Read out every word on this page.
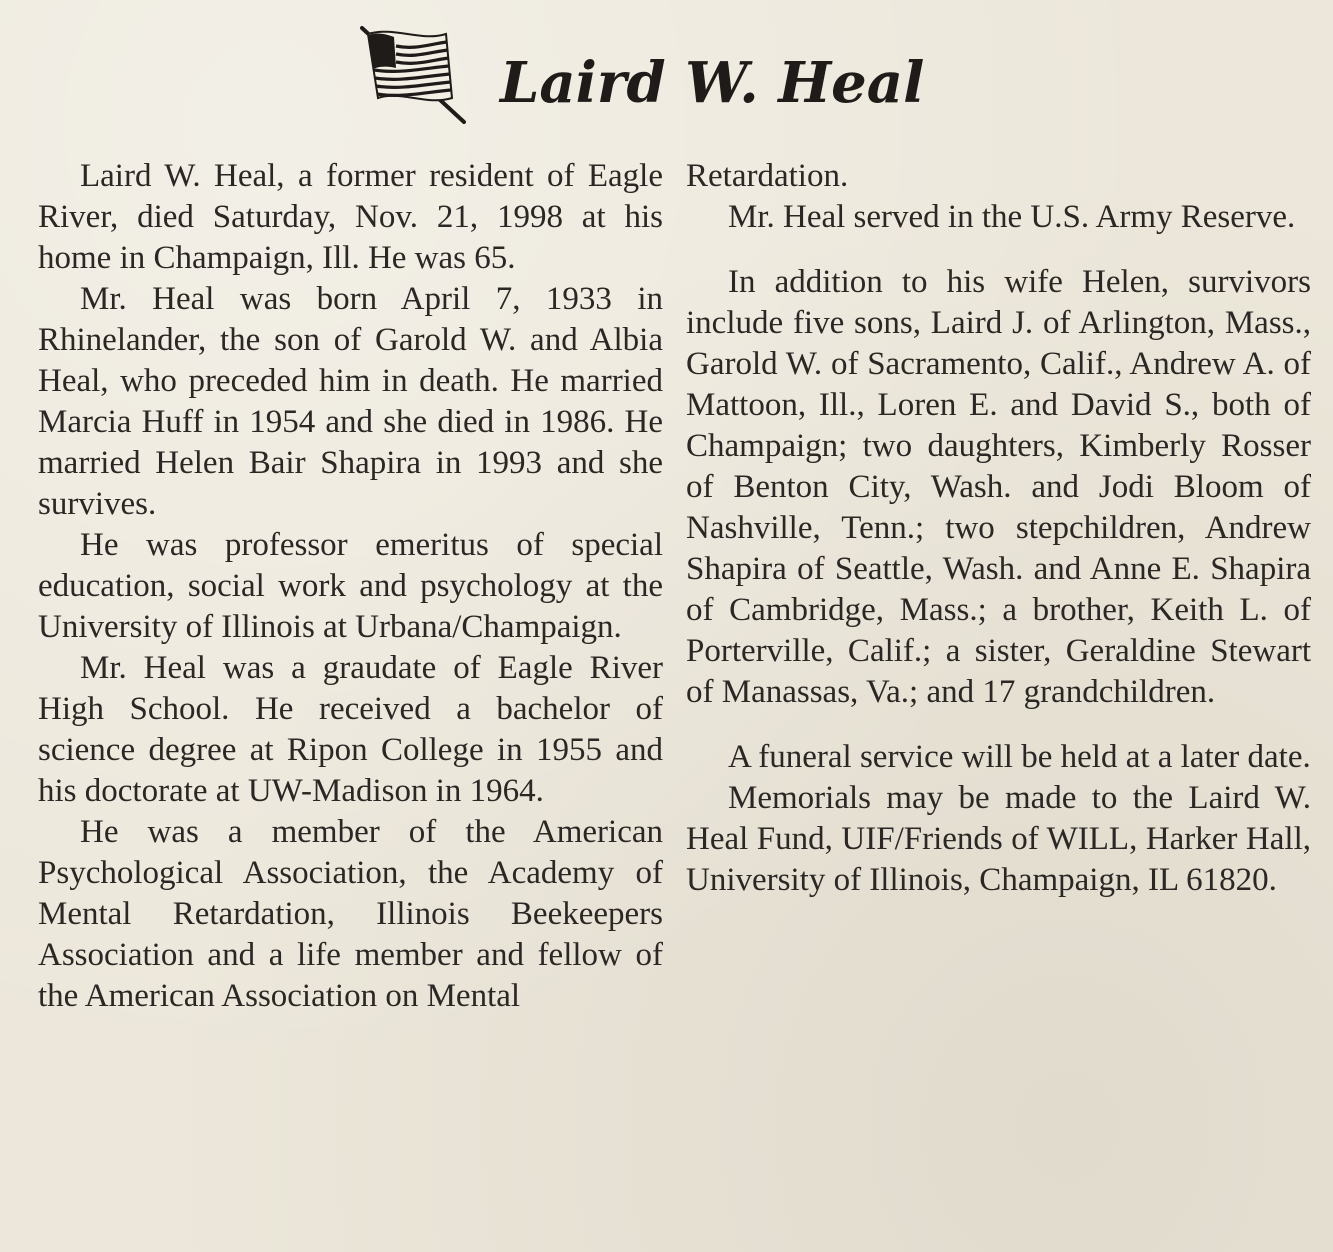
Laird W. Heal

Laird W. Heal, a former resident of Eagle River, died Saturday, Nov. 21, 1998 at his home in Champaign, Ill. He was 65.

Mr. Heal was born April 7, 1933 in Rhinelander, the son of Garold W. and Albia Heal, who preceded him in death. He married Marcia Huff in 1954 and she died in 1986. He married Helen Bair Shapira in 1993 and she survives.

He was professor emeritus of special education, social work and psychology at the University of Illinois at Urbana/Champaign.

Mr. Heal was a graudate of Eagle River High School. He received a bachelor of science degree at Ripon College in 1955 and his doctorate at UW-Madison in 1964.

He was a member of the American Psychological Association, the Academy of Mental Retardation, Illinois Beekeepers Association and a life member and fellow of the American Association on Mental

Retardation.

Mr. Heal served in the U.S. Army Reserve.

In addition to his wife Helen, survivors include five sons, Laird J. of Arlington, Mass., Garold W. of Sacramento, Calif., Andrew A. of Mattoon, Ill., Loren E. and David S., both of Champaign; two daughters, Kimberly Rosser of Benton City, Wash. and Jodi Bloom of Nashville, Tenn.; two stepchildren, Andrew Shapira of Seattle, Wash. and Anne E. Shapira of Cambridge, Mass.; a brother, Keith L. of Porterville, Calif.; a sister, Geraldine Stewart of Manassas, Va.; and 17 grandchildren.

A funeral service will be held at a later date.

Memorials may be made to the Laird W. Heal Fund, UIF/Friends of WILL, Harker Hall, University of Illinois, Champaign, IL 61820.
